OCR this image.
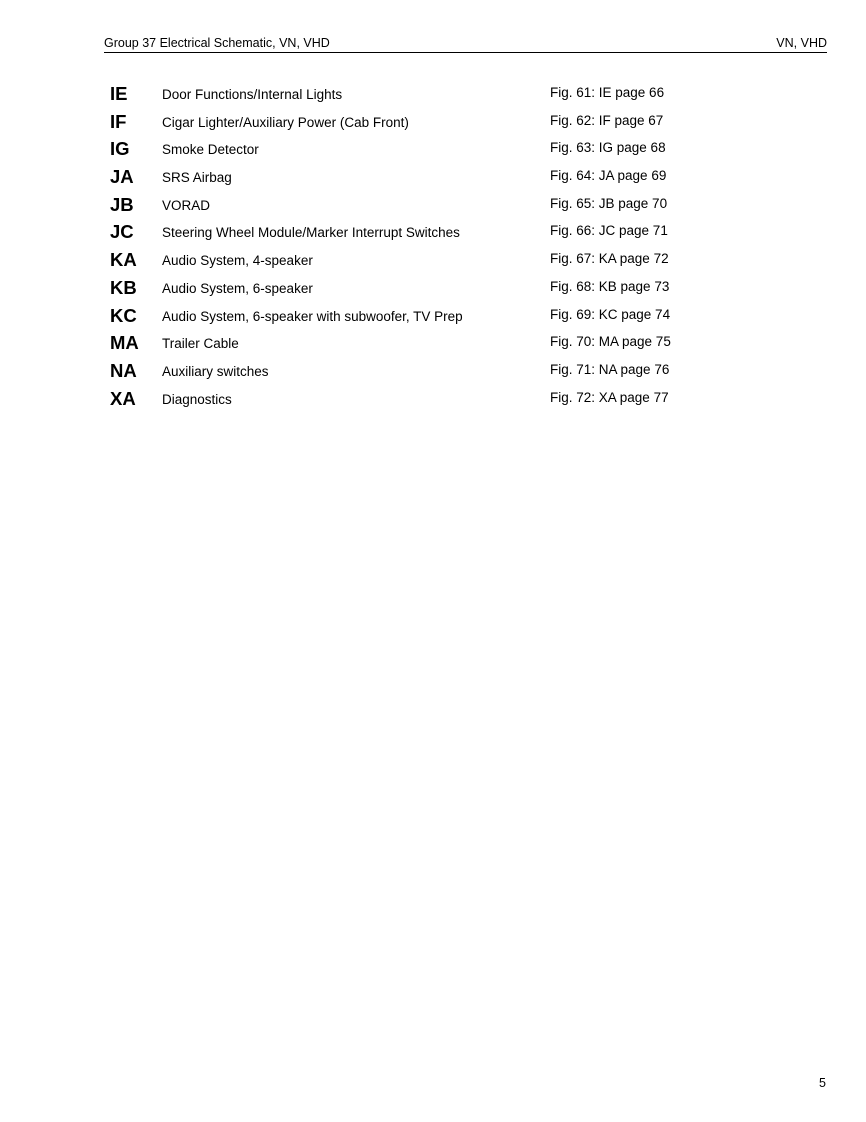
Group 37 Electrical Schematic, VN, VHD	VN, VHD
IE	Door Functions/Internal Lights	Fig. 61: IE page 66
IF	Cigar Lighter/Auxiliary Power (Cab Front)	Fig. 62: IF page 67
IG Smoke Detector	Fig. 63: IG page 68
JA SRS Airbag	Fig. 64: JA page 69
JB VORAD	Fig. 65: JB page 70
JC Steering Wheel Module/Marker Interrupt Switches	Fig. 66: JC page 71
KA Audio System, 4-speaker	Fig. 67: KA page 72
KB Audio System, 6-speaker	Fig. 68: KB page 73
KC Audio System, 6-speaker with subwoofer, TV Prep	Fig. 69: KC page 74
MA Trailer Cable	Fig. 70: MA page 75
NA Auxiliary switches	Fig. 71: NA page 76
XA Diagnostics	Fig. 72: XA page 77
5
